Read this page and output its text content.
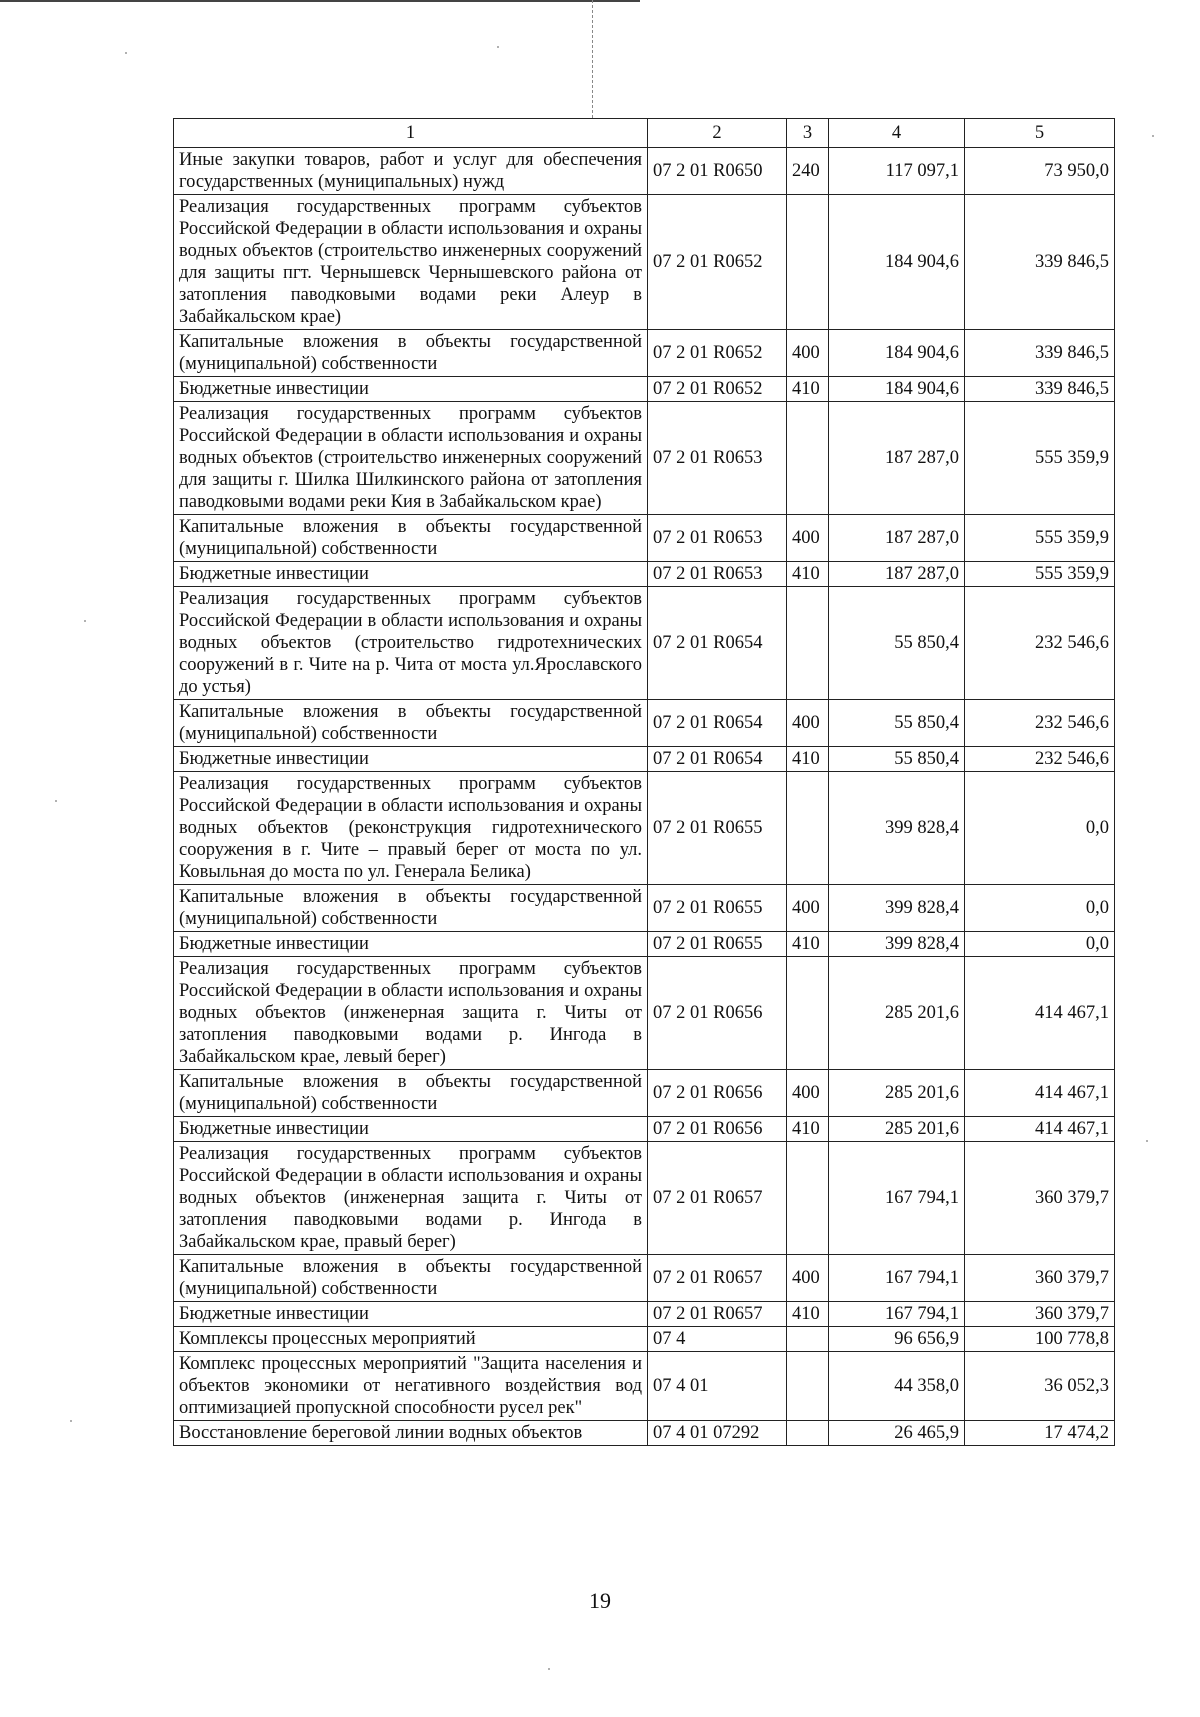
1	2	3	4	5
Иные закупки товаров, работ и услуг для обеспечения государственных (муниципальных) нужд	07 2 01 R0650	240	117 097,1	73 950,0
Реализация государственных программ субъектов Российской Федерации в области использования и охраны водных объектов (строительство инженерных сооружений для защиты пгт. Чернышевск Чернышевского района от затопления паводковыми водами реки Алеур в Забайкальском крае)	07 2 01 R0652		184 904,6	339 846,5
Капитальные вложения в объекты государственной (муниципальной) собственности	07 2 01 R0652	400	184 904,6	339 846,5
Бюджетные инвестиции	07 2 01 R0652	410	184 904,6	339 846,5
Реализация государственных программ субъектов Российской Федерации в области использования и охраны водных объектов (строительство инженерных сооружений для защиты г. Шилка Шилкинского района от затопления паводковыми водами реки Кия в Забайкальском крае)	07 2 01 R0653		187 287,0	555 359,9
Капитальные вложения в объекты государственной (муниципальной) собственности	07 2 01 R0653	400	187 287,0	555 359,9
Бюджетные инвестиции	07 2 01 R0653	410	187 287,0	555 359,9
Реализация государственных программ субъектов Российской Федерации в области использования и охраны водных объектов (строительство гидротехнических сооружений в г. Чите на р. Чита от моста ул.Ярославского до устья)	07 2 01 R0654		55 850,4	232 546,6
Капитальные вложения в объекты государственной (муниципальной) собственности	07 2 01 R0654	400	55 850,4	232 546,6
Бюджетные инвестиции	07 2 01 R0654	410	55 850,4	232 546,6
Реализация государственных программ субъектов Российской Федерации в области использования и охраны водных объектов (реконструкция гидротехнического сооружения в г. Чите – правый берег от моста по ул. Ковыльная до моста по ул. Генерала Белика)	07 2 01 R0655		399 828,4	0,0
Капитальные вложения в объекты государственной (муниципальной) собственности	07 2 01 R0655	400	399 828,4	0,0
Бюджетные инвестиции	07 2 01 R0655	410	399 828,4	0,0
Реализация государственных программ субъектов Российской Федерации в области использования и охраны водных объектов (инженерная защита г. Читы от затопления паводковыми водами р. Ингода в Забайкальском крае, левый берег)	07 2 01 R0656		285 201,6	414 467,1
Капитальные вложения в объекты государственной (муниципальной) собственности	07 2 01 R0656	400	285 201,6	414 467,1
Бюджетные инвестиции	07 2 01 R0656	410	285 201,6	414 467,1
Реализация государственных программ субъектов Российской Федерации в области использования и охраны водных объектов (инженерная защита г. Читы от затопления паводковыми водами р. Ингода в Забайкальском крае, правый берег)	07 2 01 R0657		167 794,1	360 379,7
Капитальные вложения в объекты государственной (муниципальной) собственности	07 2 01 R0657	400	167 794,1	360 379,7
Бюджетные инвестиции	07 2 01 R0657	410	167 794,1	360 379,7
Комплексы процессных мероприятий	07 4		96 656,9	100 778,8
Комплекс процессных мероприятий "Защита населения и объектов экономики от негативного воздействия вод оптимизацией пропускной способности русел рек"	07 4 01		44 358,0	36 052,3
Восстановление береговой линии водных объектов	07 4 01 07292		26 465,9	17 474,2
19
